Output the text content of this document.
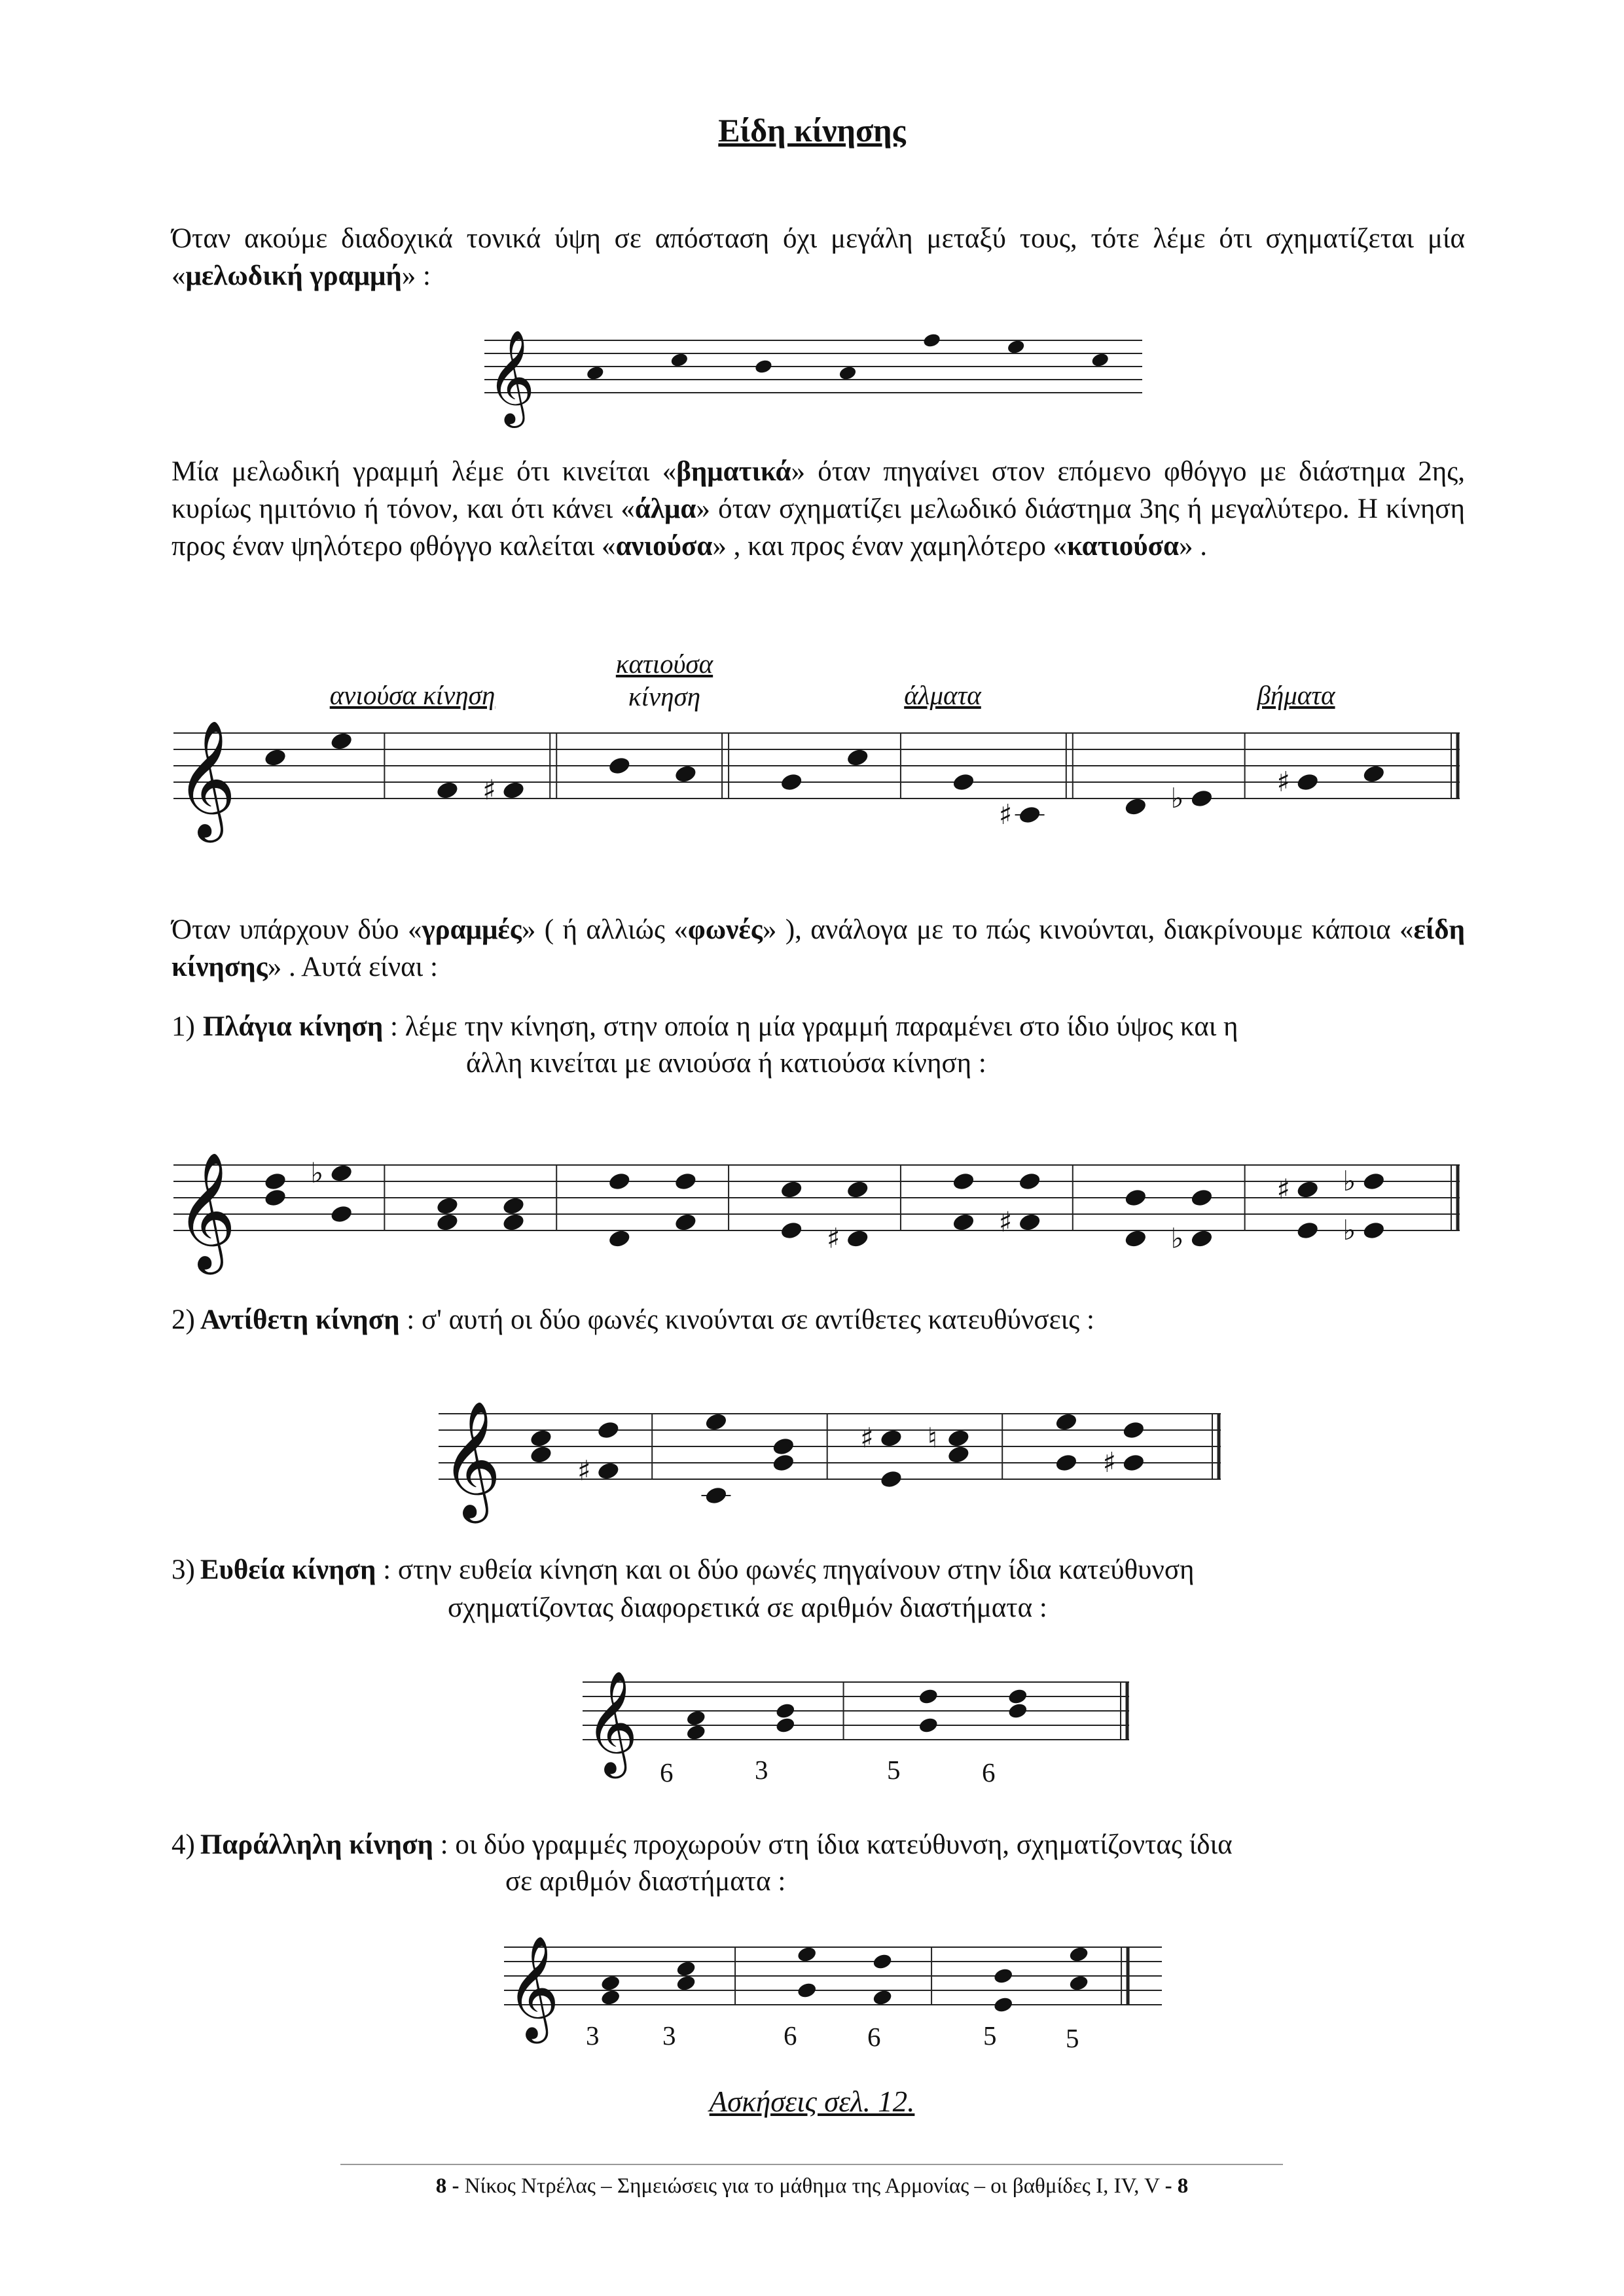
Είδη κίνησης
Όταν ακούμε διαδοχικά τονικά ύψη σε απόσταση όχι μεγάλη μεταξύ τους, τότε λέμε ότι σχηματίζεται μία «μελωδική γραμμή» :
𝄞
Μία μελωδική γραμμή λέμε ότι κινείται «βηματικά» όταν πηγαίνει στον επόμενο φθόγγο με διάστημα 2ης, κυρίως ημιτόνιο ή τόνον, και ότι κάνει «άλμα» όταν σχηματίζει μελωδικό διάστημα 3ης ή μεγαλύτερο. Η κίνηση προς έναν ψηλότερο φθόγγο καλείται «ανιούσα» , και προς έναν χαμηλότερο «κατιούσα» .
ανιούσα κίνηση
κατιούσα
κίνηση	άλματα	βήματα
𝄞	♯
♯
♭
♯
Όταν υπάρχουν δύο «γραμμές» ( ή αλλιώς «φωνές» ), ανάλογα με το πώς κινούνται, διακρίνουμε κάποια «είδη κίνησης» . Αυτά είναι :
1) Πλάγια κίνηση : λέμε την κίνηση, στην οποία η μία γραμμή παραμένει στο ίδιο ύψος και η
άλλη κινείται με ανιούσα ή κατιούσα κίνηση :
𝄞	♭
♯
♯
♭
♯
♭
♭
2) Αντίθετη κίνηση : σ' αυτή οι δύο φωνές κινούνται σε αντίθετες κατευθύνσεις :
𝄞	♯
♯ ♮
♯
3) Ευθεία κίνηση : στην ευθεία κίνηση και οι δύο φωνές πηγαίνουν στην ίδια κατεύθυνση
σχηματίζοντας διαφορετικά σε αριθμόν διαστήματα :
𝄞 6	3	5	6
4) Παράλληλη κίνηση : οι δύο γραμμές προχωρούν στη ίδια κατεύθυνση, σχηματίζοντας ίδια
σε αριθμόν διαστήματα :
𝄞 3 3	6	6	5	5
Ασκήσεις σελ. 12.
8 - Νίκος Ντρέλας – Σημειώσεις για το μάθημα της Αρμονίας – οι βαθμίδες Ι, IV, V - 8
